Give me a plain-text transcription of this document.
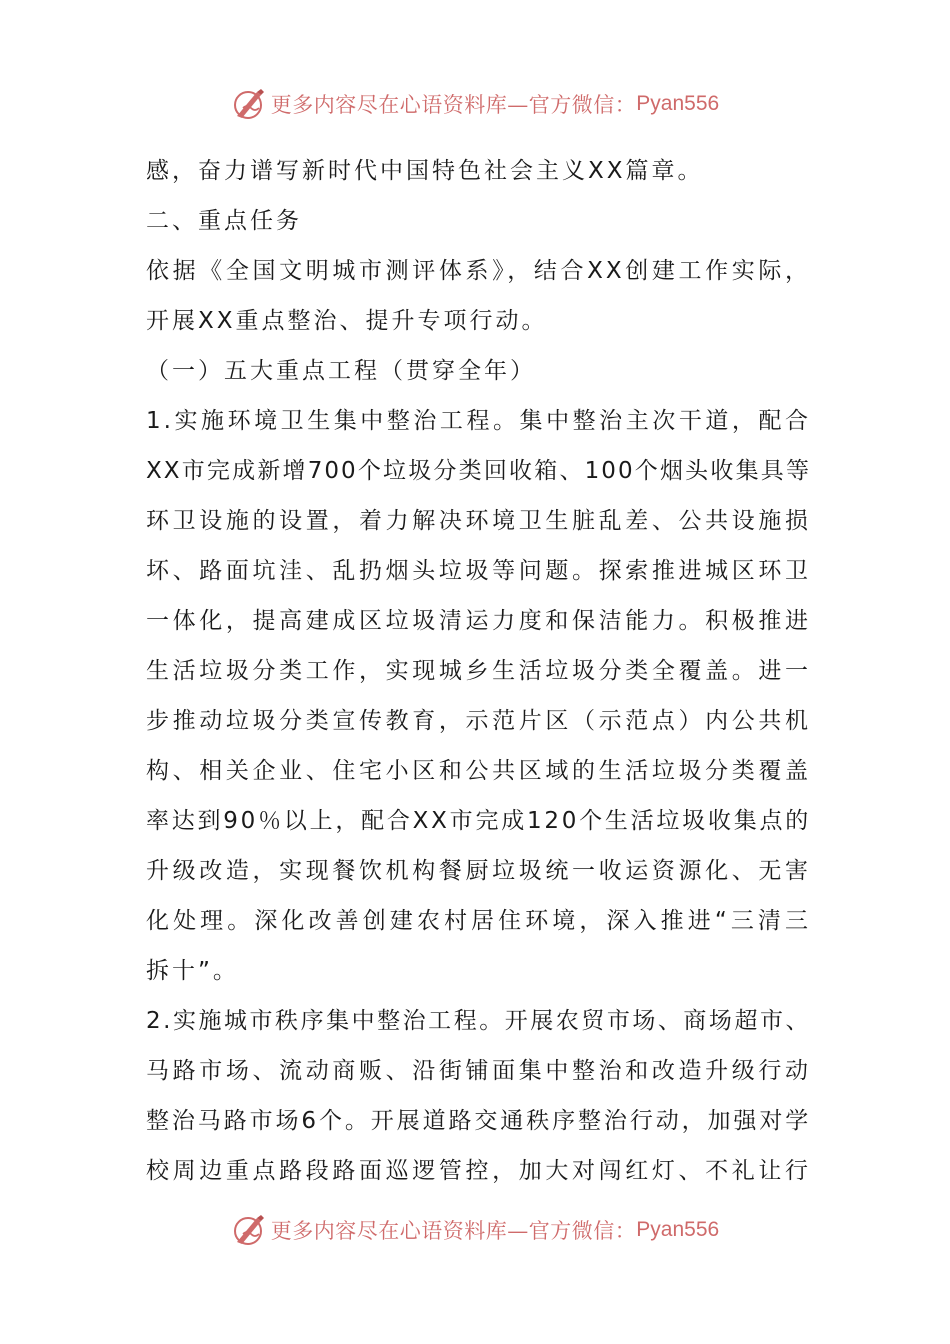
更多内容尽在心语资料库—官方微信： Pyan556
感，奋力谱写新时代中国特色社会主义XX篇章。
二、重点任务
依据《全国文明城市测评体系》，结合XX创建工作实际，
开展XX重点整治、提升专项行动。
（一）五大重点工程（贯穿全年）
1.实施环境卫生集中整治工程。集中整治主次干道，配合
XX市完成新增700个垃圾分类回收箱、100个烟头收集具等
环卫设施的设置，着力解决环境卫生脏乱差、公共设施损
坏、路面坑洼、乱扔烟头垃圾等问题。探索推进城区环卫
一体化，提高建成区垃圾清运力度和保洁能力。积极推进
生活垃圾分类工作，实现城乡生活垃圾分类全覆盖。进一
步推动垃圾分类宣传教育，示范片区（示范点）内公共机
构、相关企业、住宅小区和公共区域的生活垃圾分类覆盖
率达到90％以上，配合XX市完成120个生活垃圾收集点的
升级改造，实现餐饮机构餐厨垃圾统一收运资源化、无害
化处理。深化改善创建农村居住环境，深入推进“三清三
拆十”。
2.实施城市秩序集中整治工程。开展农贸市场、商场超市、
马路市场、流动商贩、沿街铺面集中整治和改造升级行动
整治马路市场6个。开展道路交通秩序整治行动，加强对学
校周边重点路段路面巡逻管控，加大对闯红灯、不礼让行
更多内容尽在心语资料库—官方微信： Pyan556
